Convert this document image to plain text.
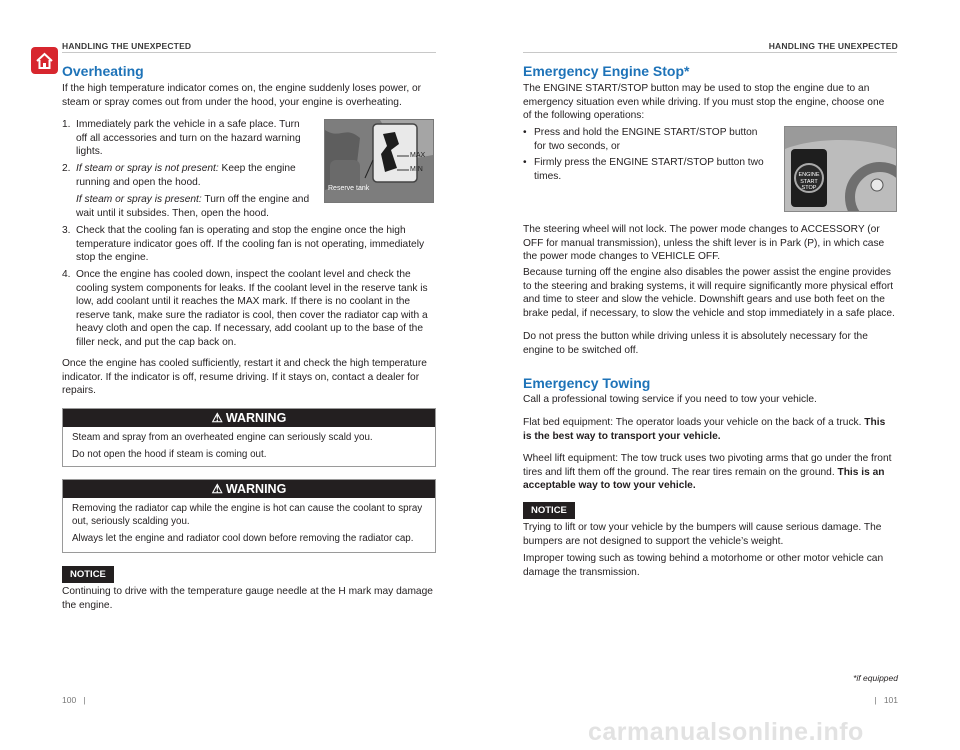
HANDLING THE UNEXPECTED
Overheating
If the high temperature indicator comes on, the engine suddenly loses power, or steam or spray comes out from under the hood, your engine is overheating.
1. Immediately park the vehicle in a safe place. Turn off all accessories and turn on the hazard warning lights.
2. If steam or spray is not present: Keep the engine running and open the hood.
If steam or spray is present: Turn off the engine and wait until it subsides. Then, open the hood.
MAX
MIN
Reserve tank
3. Check that the cooling fan is operating and stop the engine once the high temperature indicator goes off. If the cooling fan is not operating, immediately stop the engine.
4. Once the engine has cooled down, inspect the coolant level and check the cooling system components for leaks. If the coolant level in the reserve tank is low, add coolant until it reaches the MAX mark. If there is no coolant in the reserve tank, make sure the radiator is cool, then cover the radiator cap with a heavy cloth and open the cap. If necessary, add coolant up to the base of the filler neck, and put the cap back on.
Once the engine has cooled sufficiently, restart it and check the high temperature indicator. If the indicator is off, resume driving. If it stays on, contact a dealer for repairs.
⚠ WARNING

Steam and spray from an overheated engine can seriously scald you.

Do not open the hood if steam is coming out.

⚠ WARNING

Removing the radiator cap while the engine is hot can cause the coolant to spray out, seriously scalding you.

Always let the engine and radiator cool down before removing the radiator cap.

NOTICE
Continuing to drive with the temperature gauge needle at the H mark may damage the engine.
100   |
HANDLING THE UNEXPECTED
Emergency Engine Stop*
The ENGINE START/STOP button may be used to stop the engine due to an emergency situation even while driving. If you must stop the engine, choose one of the following operations:
• Press and hold the ENGINE START/STOP button for two seconds, or
• Firmly press the ENGINE START/STOP button two times.	ENGINE
START
STOP
The steering wheel will not lock. The power mode changes to ACCESSORY (or OFF for manual transmission), unless the shift lever is in Park (P), in which case the power mode changes to VEHICLE OFF.
Because turning off the engine also disables the power assist the engine provides to the steering and braking systems, it will require significantly more physical effort and time to steer and slow the vehicle. Downshift gears and use both feet on the brake pedal, if necessary, to slow the vehicle and stop immediately in a safe place.
Do not press the button while driving unless it is absolutely necessary for the engine to be switched off.
Emergency Towing
Call a professional towing service if you need to tow your vehicle.
Flat bed equipment: The operator loads your vehicle on the back of a truck. This is the best way to transport your vehicle.
Wheel lift equipment: The tow truck uses two pivoting arms that go under the front tires and lift them off the ground. The rear tires remain on the ground. This is an acceptable way to tow your vehicle.
NOTICE
Trying to lift or tow your vehicle by the bumpers will cause serious damage. The bumpers are not designed to support the vehicle’s weight.
Improper towing such as towing behind a motorhome or other motor vehicle can damage the transmission.
*if equipped
|   101
carmanualsonline.info
